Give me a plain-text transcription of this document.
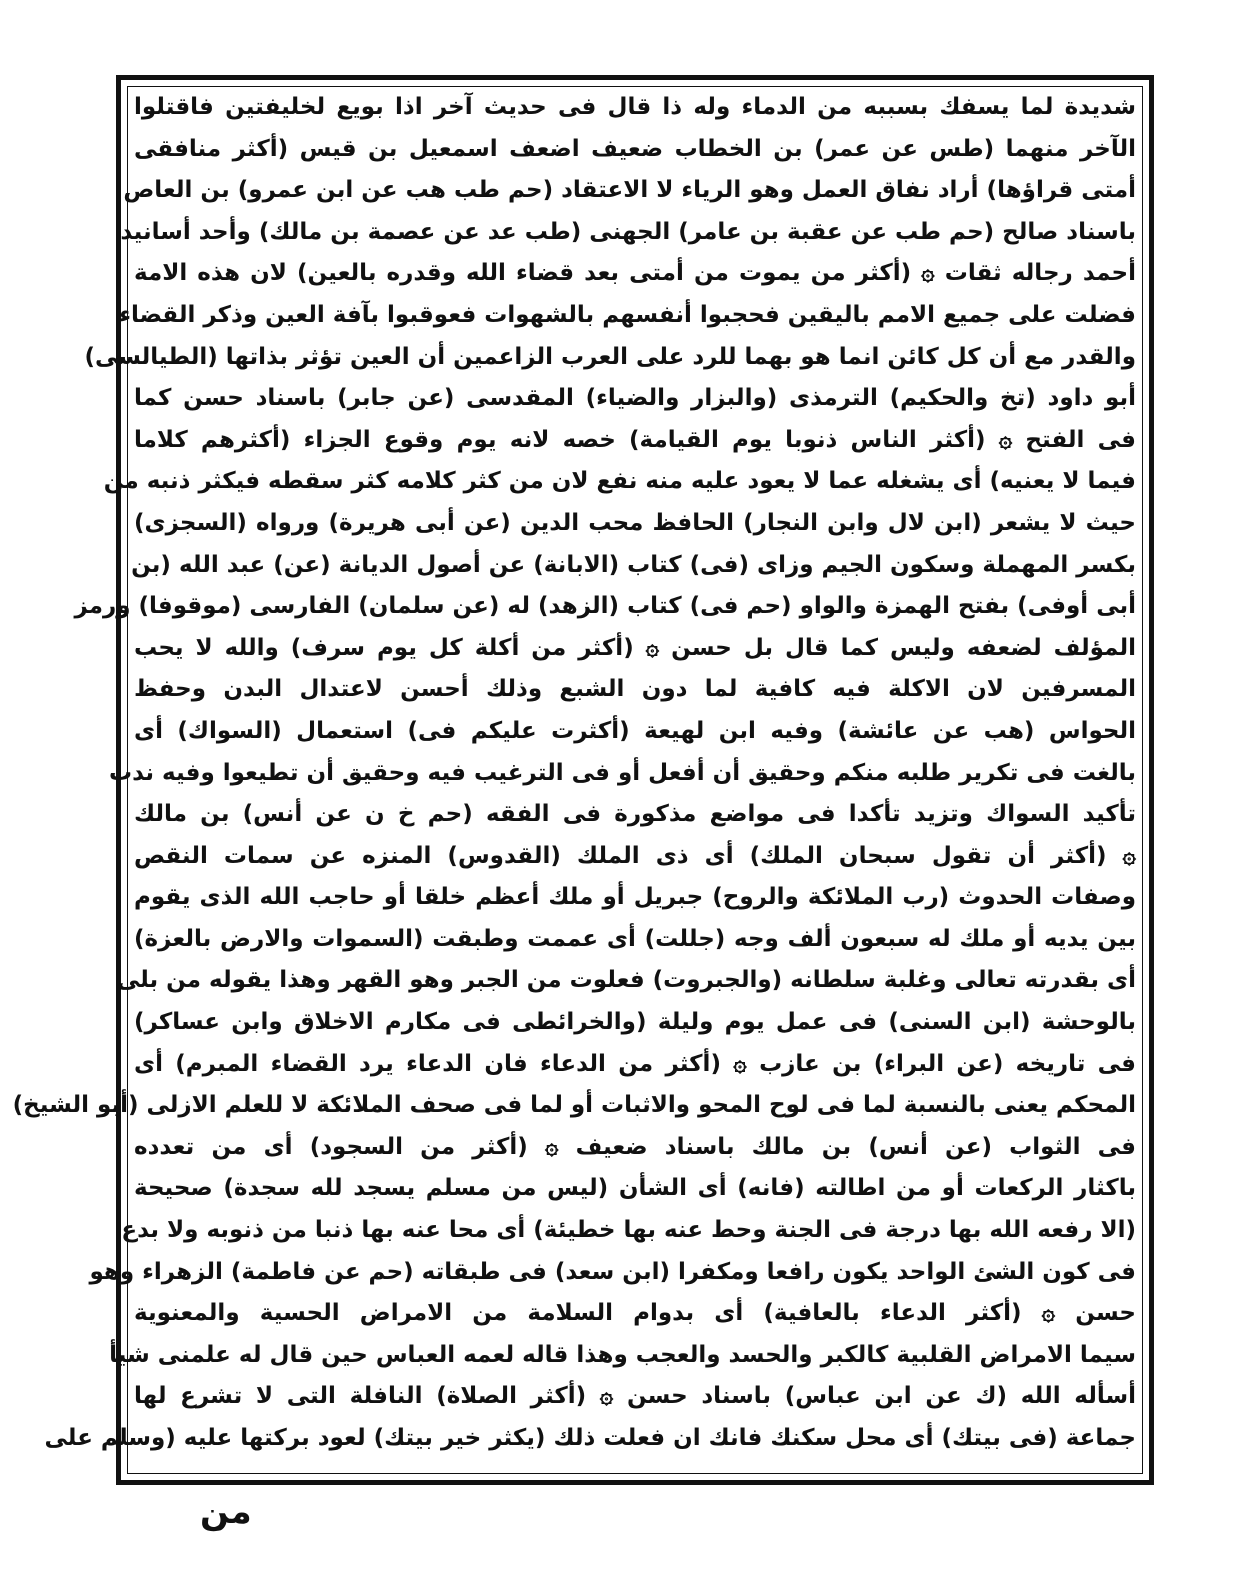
شديدة لما يسفك بسببه من الدماء وله ذا قال فى حديث آخر اذا بويع لخليفتين فاقتلوا
الآخر منهما (طس عن عمر) بن الخطاب ضعيف اضعف اسمعيل بن قيس (أكثر منافقى
أمتى قراؤها) أراد نفاق العمل وهو الرياء لا الاعتقاد (حم طب هب عن ابن عمرو) بن العاص
باسناد صالح (حم طب عن عقبة بن عامر) الجهنى (طب عد عن عصمة بن مالك) وأحد أسانيد
أحمد رجاله ثقات ۞ (أكثر من يموت من أمتى بعد قضاء الله وقدره بالعين) لان هذه الامة
فضلت على جميع الامم باليقين فحجبوا أنفسهم بالشهوات فعوقبوا بآفة العين وذكر القضاء
والقدر مع أن كل كائن انما هو بهما للرد على العرب الزاعمين أن العين تؤثر بذاتها (الطيالسى)
أبو داود (تخ والحكيم) الترمذى (والبزار والضياء) المقدسى (عن جابر) باسناد حسن كما
فى الفتح ۞ (أكثر الناس ذنوبا يوم القيامة) خصه لانه يوم وقوع الجزاء (أكثرهم كلاما
فيما لا يعنيه) أى يشغله عما لا يعود عليه منه نفع لان من كثر كلامه كثر سقطه فيكثر ذنبه من
حيث لا يشعر (ابن لال وابن النجار) الحافظ محب الدين (عن أبى هريرة) ورواه (السجزى)
بكسر المهملة وسكون الجيم وزاى (فى) كتاب (الابانة) عن أصول الديانة (عن) عبد الله (بن
أبى أوفى) بفتح الهمزة والواو (حم فى) كتاب (الزهد) له (عن سلمان) الفارسى (موقوفا) ورمز
المؤلف لضعفه وليس كما قال بل حسن ۞ (أكثر من أكلة كل يوم سرف) والله لا يحب
المسرفين لان الاكلة فيه كافية لما دون الشبع وذلك أحسن لاعتدال البدن وحفظ
الحواس (هب عن عائشة) وفيه ابن لهيعة (أكثرت عليكم فى) استعمال (السواك) أى
بالغت فى تكرير طلبه منكم وحقيق أن أفعل أو فى الترغيب فيه وحقيق أن تطيعوا وفيه ندب
تأكيد السواك وتزيد تأكدا فى مواضع مذكورة فى الفقه (حم خ ن عن أنس) بن مالك
۞ (أكثر أن تقول سبحان الملك) أى ذى الملك (القدوس) المنزه عن سمات النقص
وصفات الحدوث (رب الملائكة والروح) جبريل أو ملك أعظم خلقا أو حاجب الله الذى يقوم
بين يديه أو ملك له سبعون ألف وجه (جللت) أى عممت وطبقت (السموات والارض بالعزة)
أى بقدرته تعالى وغلبة سلطانه (والجبروت) فعلوت من الجبر وهو القهر وهذا يقوله من بلى
بالوحشة (ابن السنى) فى عمل يوم وليلة (والخرائطى فى مكارم الاخلاق وابن عساكر)
فى تاريخه (عن البراء) بن عازب ۞ (أكثر من الدعاء فان الدعاء يرد القضاء المبرم) أى
المحكم يعنى بالنسبة لما فى لوح المحو والاثبات أو لما فى صحف الملائكة لا للعلم الازلى (أبو الشيخ)
فى الثواب (عن أنس) بن مالك باسناد ضعيف ۞ (أكثر من السجود) أى من تعدده
باكثار الركعات أو من اطالته (فانه) أى الشأن (ليس من مسلم يسجد لله سجدة) صحيحة
(الا رفعه الله بها درجة فى الجنة وحط عنه بها خطيئة) أى محا عنه بها ذنبا من ذنوبه ولا بدع
فى كون الشئ الواحد يكون رافعا ومكفرا (ابن سعد) فى طبقاته (حم عن فاطمة) الزهراء وهو
حسن ۞ (أكثر الدعاء بالعافية) أى بدوام السلامة من الامراض الحسية والمعنوية
سيما الامراض القلبية كالكبر والحسد والعجب وهذا قاله لعمه العباس حين قال له علمنى شيأ
أسأله الله (ك عن ابن عباس) باسناد حسن ۞ (أكثر الصلاة) النافلة التى لا تشرع لها
جماعة (فى بيتك) أى محل سكنك فانك ان فعلت ذلك (يكثر خير بيتك) لعود بركتها عليه (وسلم على
من
